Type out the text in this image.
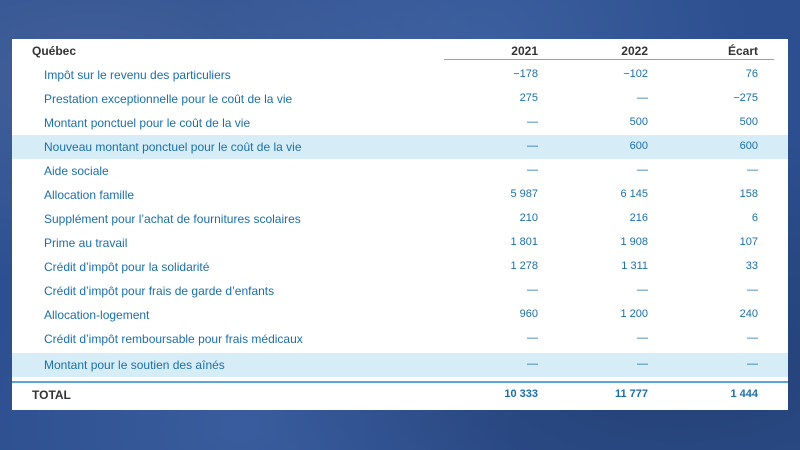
Québec	2021	2022	Écart
Impôt sur le revenu des particuliers	−178	−102	76
Prestation exceptionnelle pour le coût de la vie	275	—	−275
Montant ponctuel pour le coût de la vie	—	500	500
Nouveau montant ponctuel pour le coût de la vie	—	600	600
Aide sociale	—	—	—
Allocation famille	5 987	6 145	158
Supplément pour l’achat de fournitures scolaires	210	216	6
Prime au travail	1 801	1 908	107
Crédit d’impôt pour la solidarité	1 278	1 311	33
Crédit d’impôt pour frais de garde d’enfants	—	—	—
Allocation-logement	960	1 200	240
Crédit d’impôt remboursable pour frais médicaux	—	—	—
Montant pour le soutien des aînés	—	—	—
TOTAL	10 333	11 777	1 444
